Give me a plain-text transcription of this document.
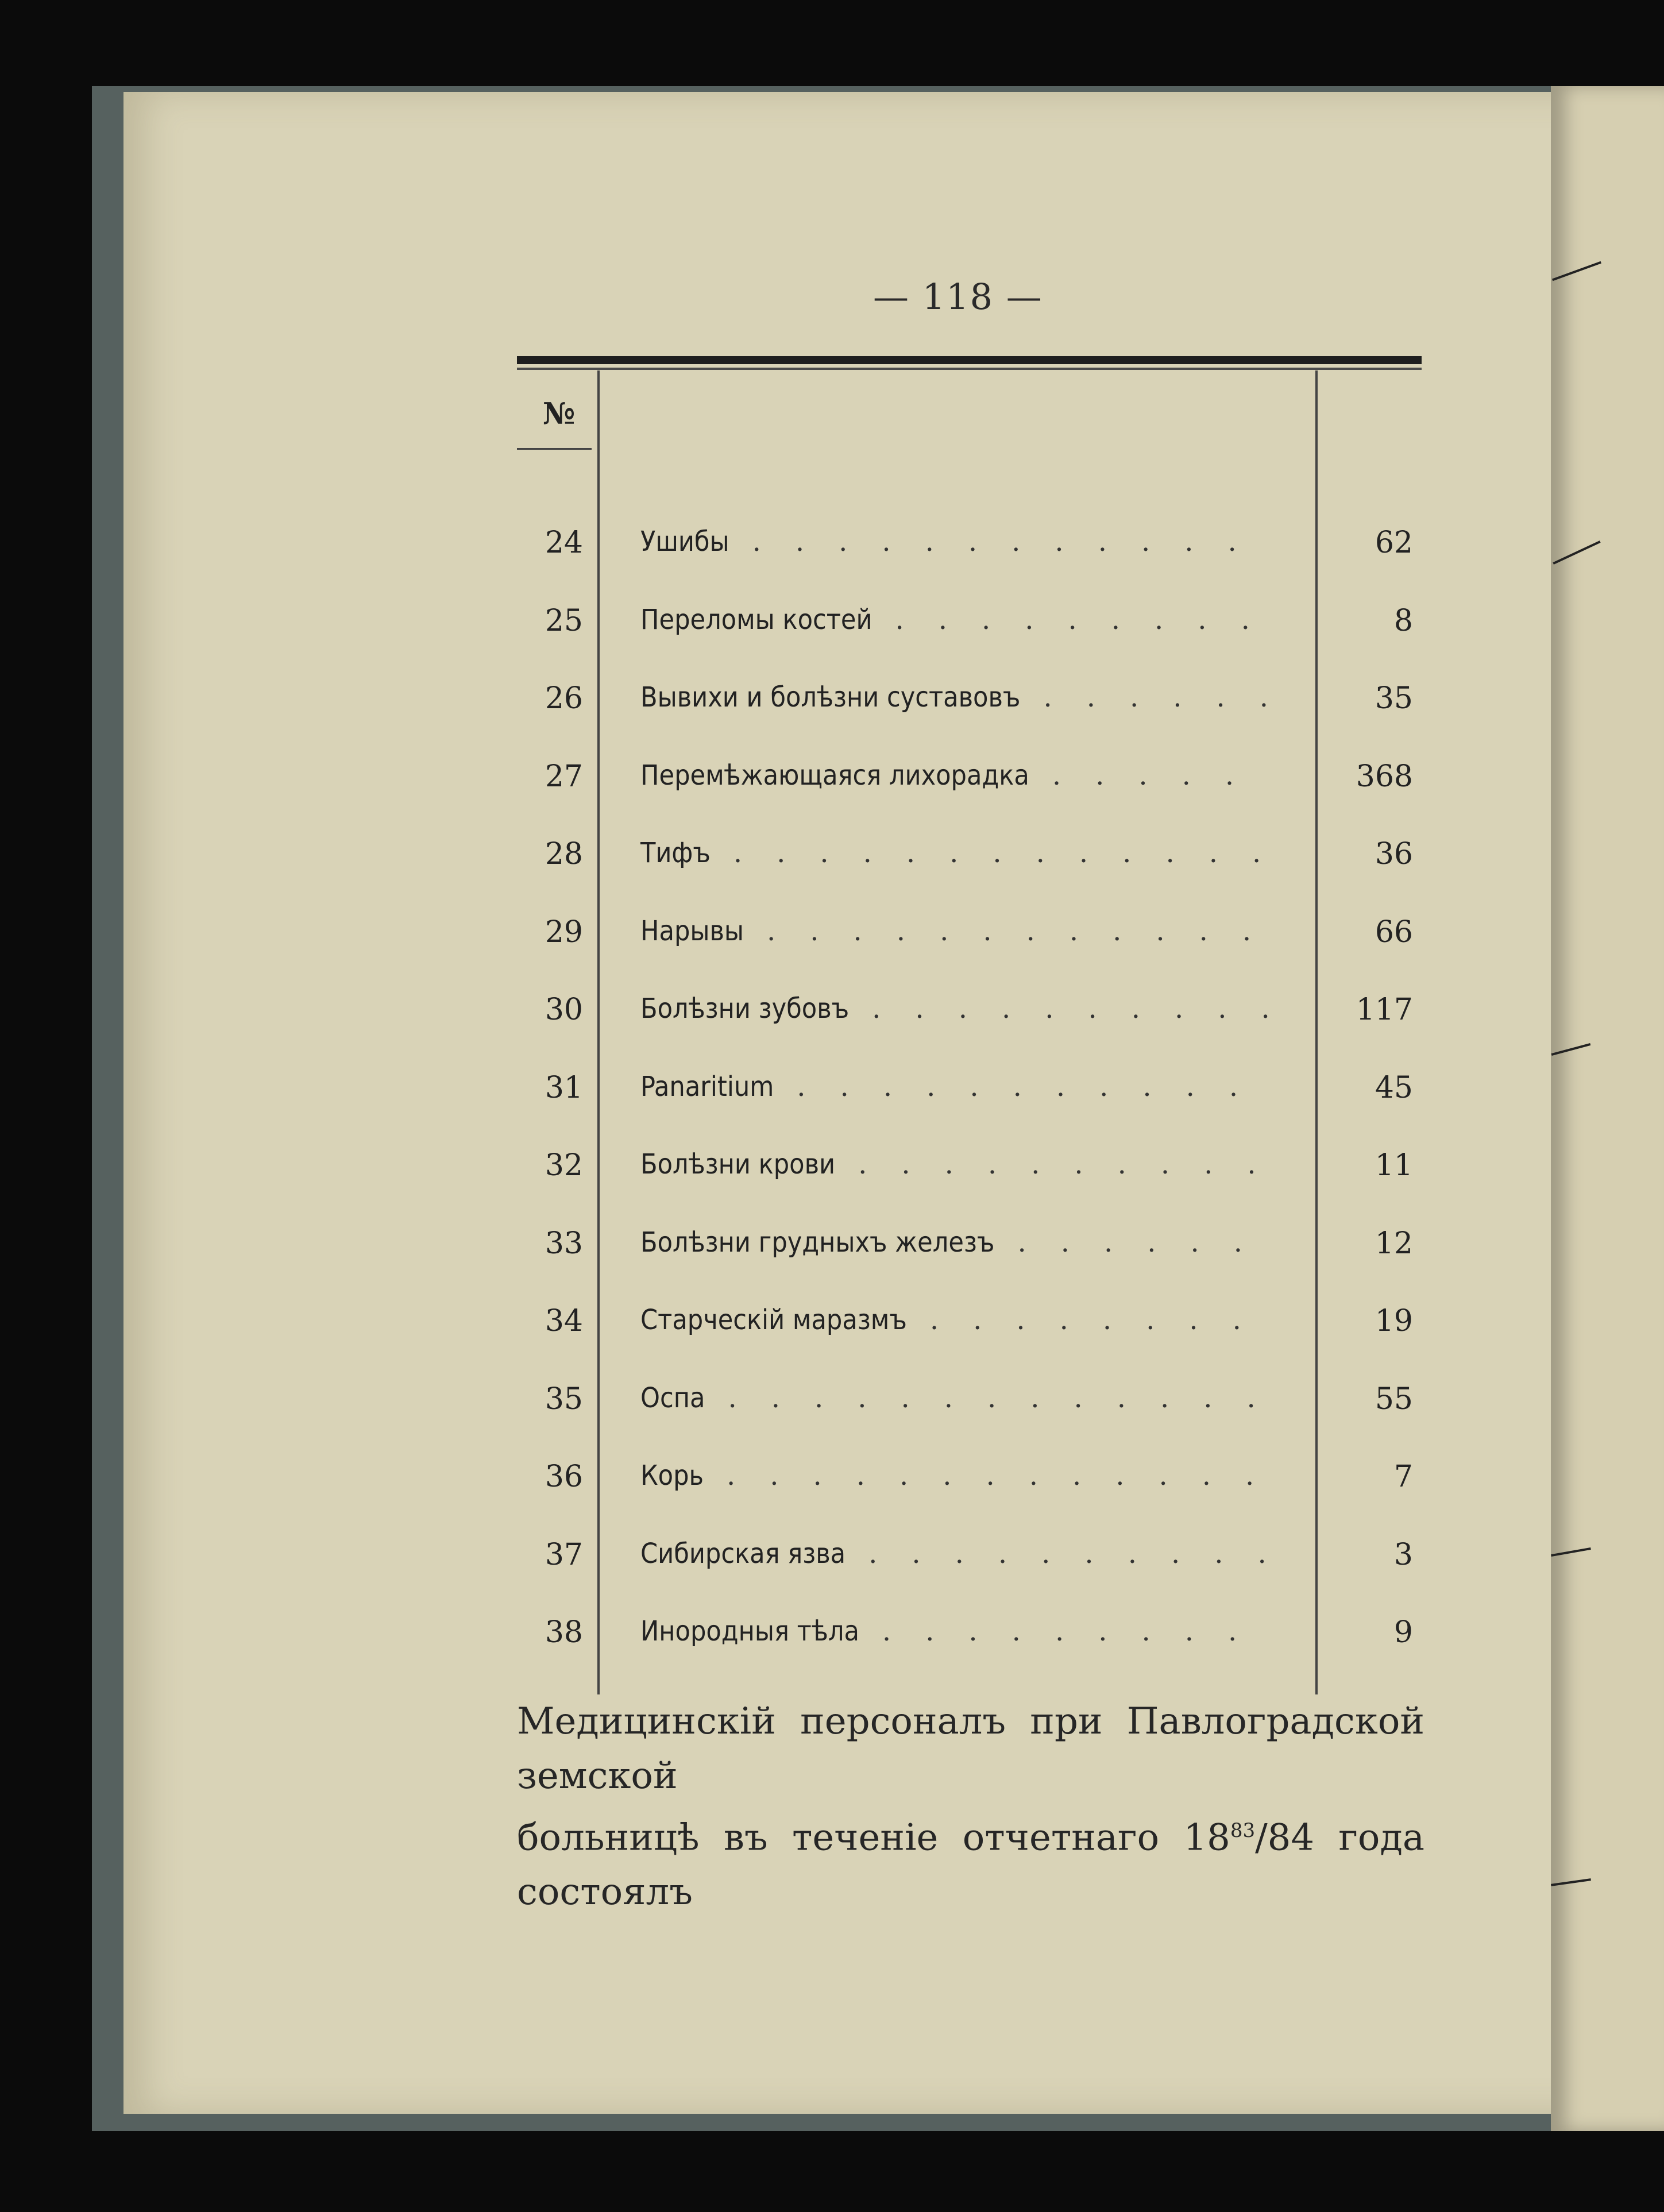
— 118 —
№
24 Ушибы ............	62
25 Переломы костей .........	8
26 Вывихи и болѣзни суставовъ ......	35
27 Перемѣжающаяся лихорадка .....	368
28 Тифъ .............	36
29 Нарывы ............	66
30 Болѣзни зубовъ ..........	117
31 Panaritium ...........	45
32 Болѣзни крови ..........	11
33 Болѣзни грудныхъ железъ ......	12
34 Старческій маразмъ ........	19
35 Оспа .............	55
36 Корь .............	7
37 Сибирская язва ..........	3
38 Инородныя тѣла .........	9
Медицинскій персоналъ при Павлоградской земской
больницѣ въ теченіе отчетнаго $18^{83}/84$ года состоялъ
